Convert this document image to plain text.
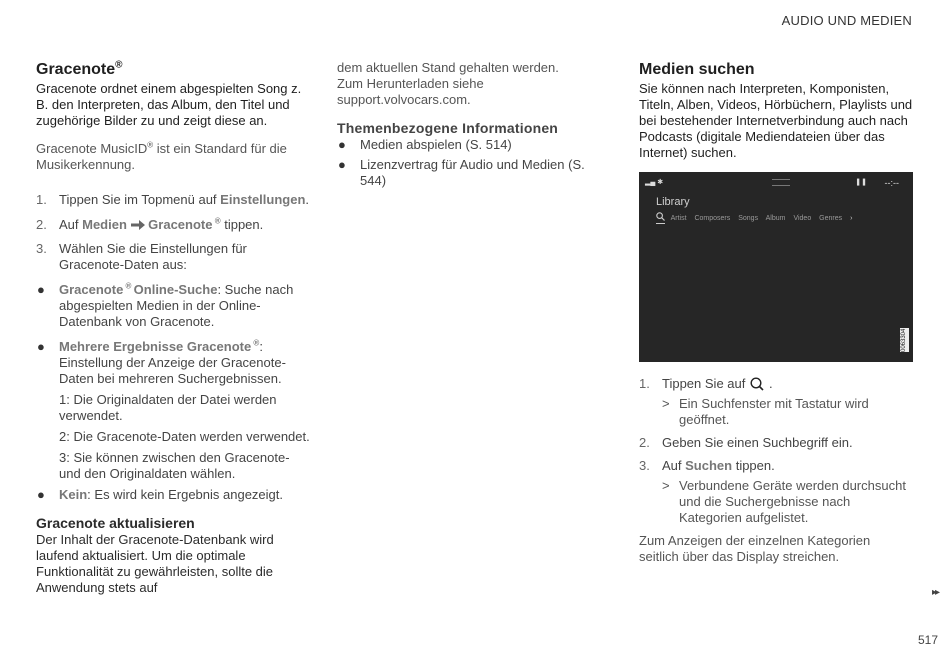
AUDIO UND MEDIEN
Gracenote®

Gracenote ordnet einem abgespielten Song z. B. den Interpreten, das Album, den Titel und zugehörige Bilder zu und zeigt diese an.

Gracenote MusicID® ist ein Standard für die Musikerkennung.

1. Tippen Sie im Topmenü auf Einstellungen.
2. Auf Medien Gracenote ® tippen.
3. Wählen Sie die Einstellungen für Gracenote-Daten aus:
● Gracenote ® Online-Suche: Suche nach abgespielten Medien in der Online-Datenbank von Gracenote.
● Mehrere Ergebnisse Gracenote ®: Einstellung der Anzeige der Gracenote-Daten bei mehreren Suchergebnissen.

1: Die Originaldaten der Datei werden verwendet.

2: Die Gracenote-Daten werden verwendet.

3: Sie können zwischen den Gracenote- und den Originaldaten wählen.

● Kein: Es wird kein Ergebnis angezeigt.
Gracenote aktualisieren

Der Inhalt der Gracenote-Datenbank wird laufend aktualisiert. Um die optimale Funktionalität zu gewährleisten, sollte die Anwendung stets auf

dem aktuellen Stand gehalten werden. Zum Herunterladen siehe support.volvocars.com.

Themenbezogene Informationen
● Medien abspielen (S. 514)
● Lizenzvertrag für Audio und Medien (S. 544)
Medien suchen

Sie können nach Interpreten, Komponisten, Titeln, Alben, Videos, Hörbüchern, Playlists und bei bestehender Internetverbindung auch nach Podcasts (digitale Mediendateien über das Internet) suchen.

▂▄ ✱	❚❚ --:--
Library
Artist Composers Songs Album Video Genres ›
0063304
1. Tippen Sie auf .
> Ein Suchfenster mit Tastatur wird geöffnet.
2. Geben Sie einen Suchbegriff ein.
3. Auf Suchen tippen.
> Verbundene Geräte werden durchsucht und die Suchergebnisse nach Kategorien aufgelistet.

Zum Anzeigen der einzelnen Kategorien seitlich über das Display streichen.

▸▸
517
